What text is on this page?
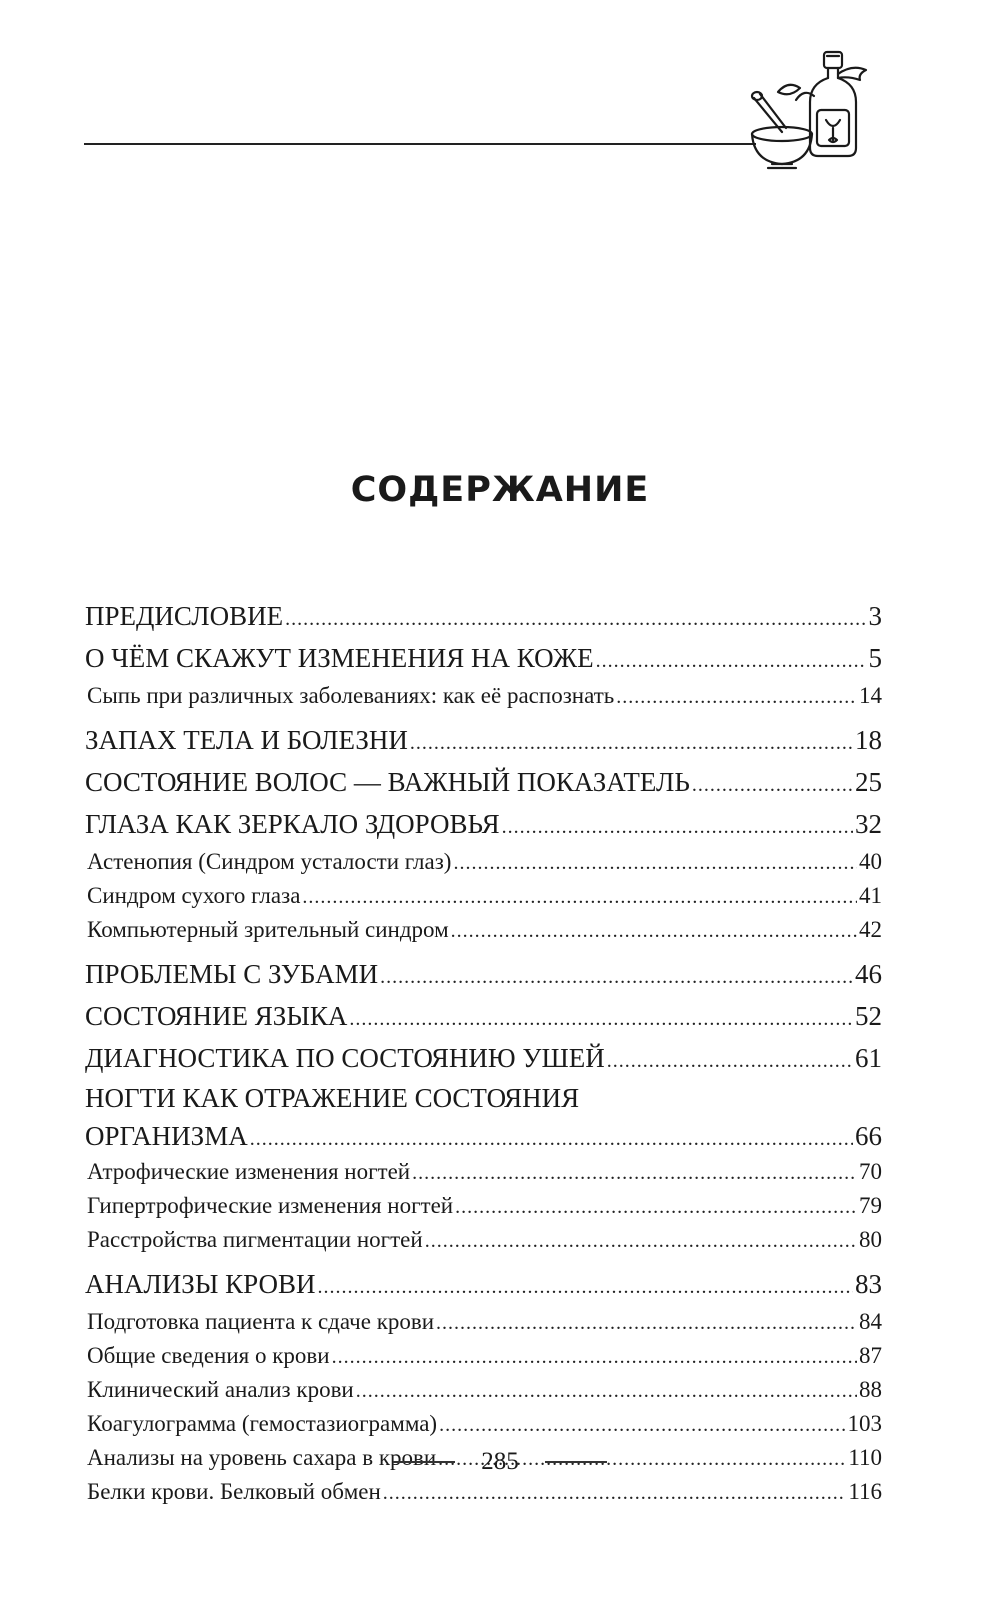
СОДЕРЖАНИЕ
ПРЕДИСЛОВИЕ .....	3
О ЧЁМ СКАЖУТ ИЗМЕНЕНИЯ НА КОЖЕ .....	5
Сыпь при различных заболеваниях: как её распознать .....	14
ЗАПАХ ТЕЛА И БОЛЕЗНИ .....	18
СОСТОЯНИЕ ВОЛОС — ВАЖНЫЙ ПОКАЗАТЕЛЬ .....	25
ГЛАЗА КАК ЗЕРКАЛО ЗДОРОВЬЯ .....	32
Астенопия (Синдром усталости глаз) .....	40
Синдром сухого глаза .....	41
Компьютерный зрительный синдром .....	42
ПРОБЛЕМЫ С ЗУБАМИ .....	46
СОСТОЯНИЕ ЯЗЫКА .....	52
ДИАГНОСТИКА ПО СОСТОЯНИЮ УШЕЙ .....	61
НОГТИ КАК ОТРАЖЕНИЕ СОСТОЯНИЯ
ОРГАНИЗМА .....	66
Атрофические изменения ногтей .....	70
Гипертрофические изменения ногтей .....	79
Расстройства пигментации ногтей .....	80
АНАЛИЗЫ КРОВИ .....	83
Подготовка пациента к сдаче крови .....	84
Общие сведения о крови .....	87
Клинический анализ крови .....	88
Коагулограмма (гемостазиограмма) .....	103
Анализы на уровень сахара в крови .....	110
Белки крови. Белковый обмен .....	116
285
